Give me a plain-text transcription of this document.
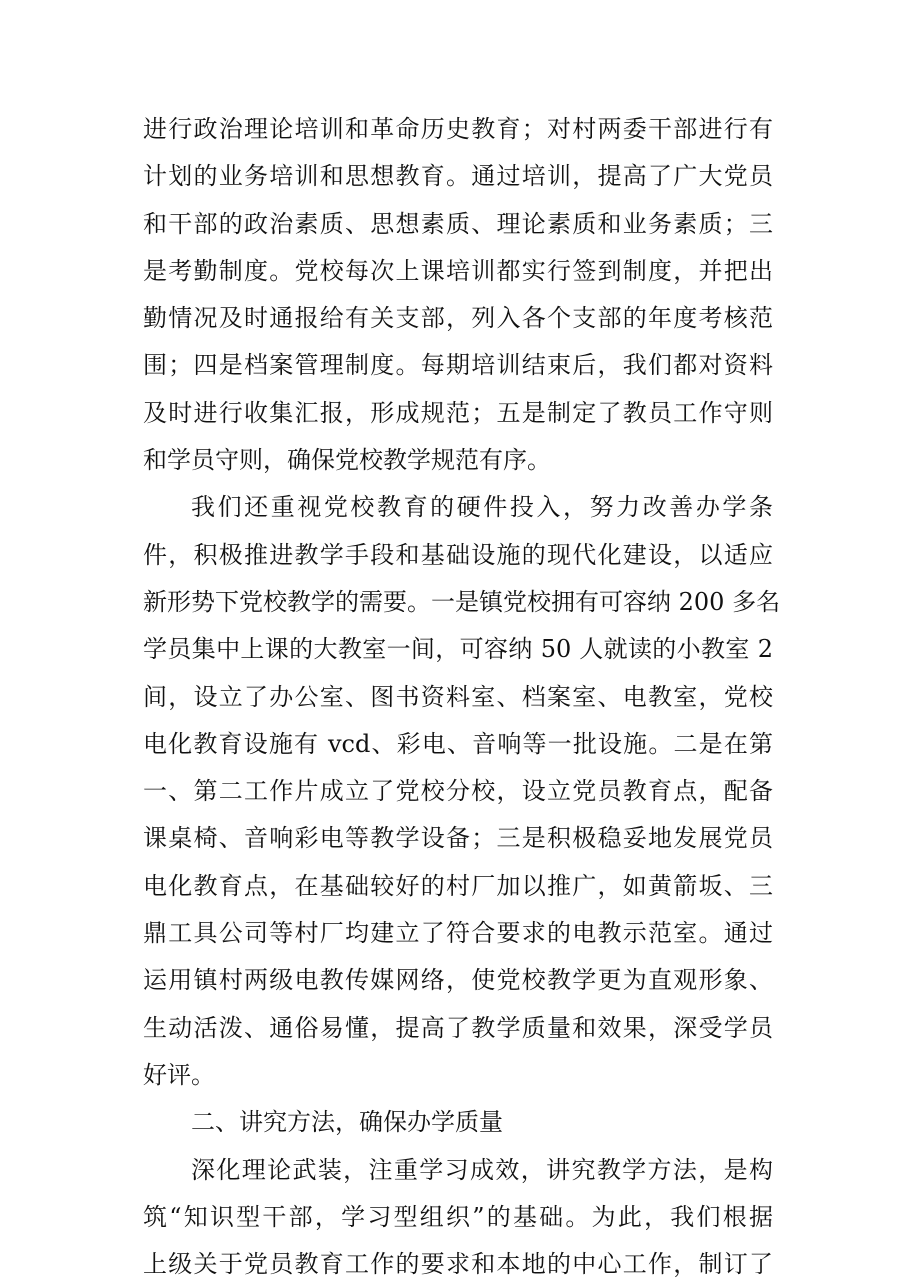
进行政治理论培训和革命历史教育；对村两委干部进行有
计划的业务培训和思想教育。通过培训，提高了广大党员
和干部的政治素质、思想素质、理论素质和业务素质；三
是考勤制度。党校每次上课培训都实行签到制度，并把出
勤情况及时通报给有关支部，列入各个支部的年度考核范
围；四是档案管理制度。每期培训结束后，我们都对资料
及时进行收集汇报，形成规范；五是制定了教员工作守则
和学员守则，确保党校教学规范有序。
我们还重视党校教育的硬件投入，努力改善办学条
件，积极推进教学手段和基础设施的现代化建设，以适应
新形势下党校教学的需要。一是镇党校拥有可容纳 200 多名
学员集中上课的大教室一间，可容纳 50 人就读的小教室 2
间，设立了办公室、图书资料室、档案室、电教室，党校
电化教育设施有 vcd、彩电、音响等一批设施。二是在第
一、第二工作片成立了党校分校，设立党员教育点，配备
课桌椅、音响彩电等教学设备；三是积极稳妥地发展党员
电化教育点，在基础较好的村厂加以推广，如黄箭坂、三
鼎工具公司等村厂均建立了符合要求的电教示范室。通过
运用镇村两级电教传媒网络，使党校教学更为直观形象、
生动活泼、通俗易懂，提高了教学质量和效果，深受学员
好评。
二、讲究方法，确保办学质量
深化理论武装，注重学习成效，讲究教学方法，是构
筑“知识型干部，学习型组织”的基础。为此，我们根据
上级关于党员教育工作的要求和本地的中心工作，制订了
